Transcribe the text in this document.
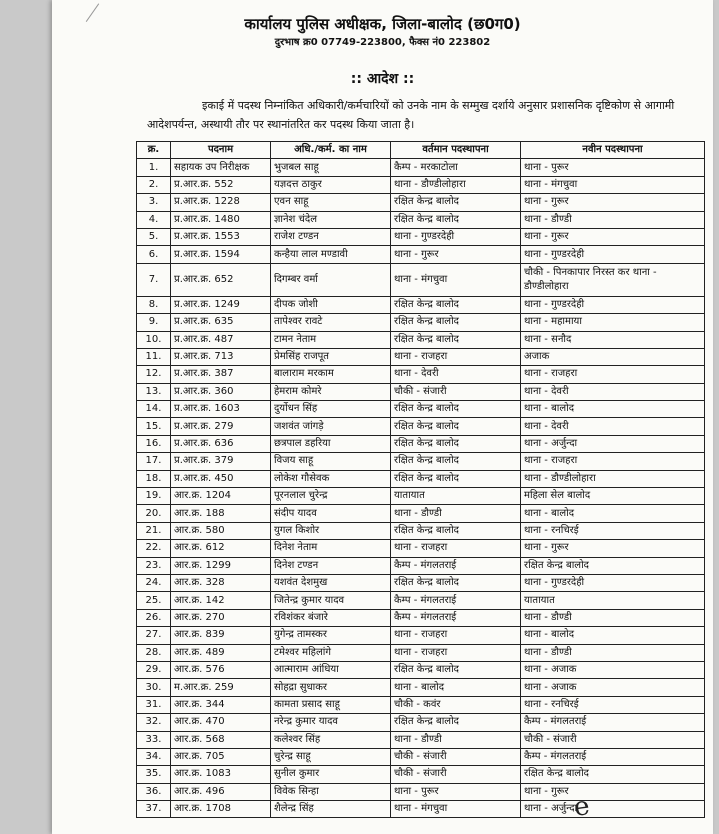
कार्यालय पुलिस अधीक्षक, जिला-बालोद (छ0ग0)
दुरभाष क्र0 07749-223800, फैक्स नं0 223802
:: आदेश ::
इकाई में पदस्थ निम्नांकित अधिकारी/कर्मचारियों को उनके नाम के सम्मुख दर्शाये अनुसार प्रशासनिक दृष्टिकोण से आगामी आदेशपर्यन्त, अस्थायी तौर पर स्थानांतरित कर पदस्थ किया जाता है।
क्र.	पदनाम	अधि./कर्म. का नाम	वर्तमान पदस्थापना	नवीन पदस्थापना
1.	सहायक उप निरीक्षक	भुजबल साहू	कैम्प - मरकाटोला	थाना - पुरूर
2.	प्र.आर.क्र. 552	यज्ञदत्त ठाकुर	थाना - डौण्डीलोहारा	थाना - मंगचुवा
3.	प्र.आर.क्र. 1228	एवन साहू	रक्षित केन्द्र बालोद	थाना - गुरूर
4.	प्र.आर.क्र. 1480	ज्ञानेश चंदेल	रक्षित केन्द्र बालोद	थाना - डौण्डी
5.	प्र.आर.क्र. 1553	राजेश टण्डन	थाना - गुण्डरदेही	थाना - गुरूर
6.	प्र.आर.क्र. 1594	कन्हैया लाल मण्डावी	थाना - गुरूर	थाना - गुण्डरदेही
7.	प्र.आर.क्र. 652	दिगम्बर वर्मा	थाना - मंगचुवा	चौकी - पिनकापार निरस्त कर थाना - डौण्डीलोहारा
8.	प्र.आर.क्र. 1249	दीपक जोशी	रक्षित केन्द्र बालोद	थाना - गुण्डरदेही
9.	प्र.आर.क्र. 635	तापेश्वर रावटे	रक्षित केन्द्र बालोद	थाना - महामाया
10.	प्र.आर.क्र. 487	टामन नेताम	रक्षित केन्द्र बालोद	थाना - सनौद
11.	प्र.आर.क्र. 713	प्रेमसिंह राजपूत	थाना - राजहरा	अजाक
12.	प्र.आर.क्र. 387	बालाराम मरकाम	थाना - देवरी	थाना - राजहरा
13.	प्र.आर.क्र. 360	हेमराम कोमरे	चौकी - संजारी	थाना - देवरी
14.	प्र.आर.क्र. 1603	दुर्योधन सिंह	रक्षित केन्द्र बालोद	थाना - बालोद
15.	प्र.आर.क्र. 279	जशवंत जांगड़े	रक्षित केन्द्र बालोद	थाना - देवरी
16.	प्र.आर.क्र. 636	छत्रपाल डहरिया	रक्षित केन्द्र बालोद	थाना - अर्जुन्दा
17.	प्र.आर.क्र. 379	विजय साहू	रक्षित केन्द्र बालोद	थाना - राजहरा
18.	प्र.आर.क्र. 450	लोकेश गौसेवक	रक्षित केन्द्र बालोद	थाना - डौण्डीलोहारा
19.	आर.क्र. 1204	पूरनलाल चुरेन्द्र	यातायात	महिला सेल बालोद
20.	आर.क्र. 188	संदीप यादव	थाना - डौण्डी	थाना - बालोद
21.	आर.क्र. 580	युगल किशोर	रक्षित केन्द्र बालोद	थाना - रनचिरई
22.	आर.क्र. 612	दिनेश नेताम	थाना - राजहरा	थाना - गुरूर
23.	आर.क्र. 1299	दिनेश टण्डन	कैम्प - मंगलतराई	रक्षित केन्द्र बालोद
24.	आर.क्र. 328	यशवंत देशमुख	रक्षित केन्द्र बालोद	थाना - गुण्डरदेही
25.	आर.क्र. 142	जितेन्द्र कुमार यादव	कैम्प - मंगलतराई	यातायात
26.	आर.क्र. 270	रविशंकर बंजारे	कैम्प - मंगलतराई	थाना - डौण्डी
27.	आर.क्र. 839	युगेन्द्र तामस्कर	थाना - राजहरा	थाना - बालोद
28.	आर.क्र. 489	टमेश्वर महिलांगे	थाना - राजहरा	थाना - डौण्डी
29.	आर.क्र. 576	आत्माराम आंधिया	रक्षित केन्द्र बालोद	थाना - अजाक
30.	म.आर.क्र. 259	सोहद्रा सुधाकर	थाना - बालोद	थाना - अजाक
31.	आर.क्र. 344	कामता प्रसाद साहू	चौकी - कवंर	थाना - रनचिरई
32.	आर.क्र. 470	नरेन्द्र कुमार यादव	रक्षित केन्द्र बालोद	कैम्प - मंगलतराई
33.	आर.क्र. 568	कलेश्वर सिंह	थाना - डौण्डी	चौकी - संजारी
34.	आर.क्र. 705	चुरेन्द्र साहू	चौकी - संजारी	कैम्प - मंगलतराई
35.	आर.क्र. 1083	सुनील कुमार	चौकी - संजारी	रक्षित केन्द्र बालोद
36.	आर.क्र. 496	विवेक सिन्हा	थाना - पुरूर	थाना - गुरूर
37.	आर.क्र. 1708	शैलेन्द्र सिंह	थाना - मंगचुवा	थाना - अर्जुन्दा
e
